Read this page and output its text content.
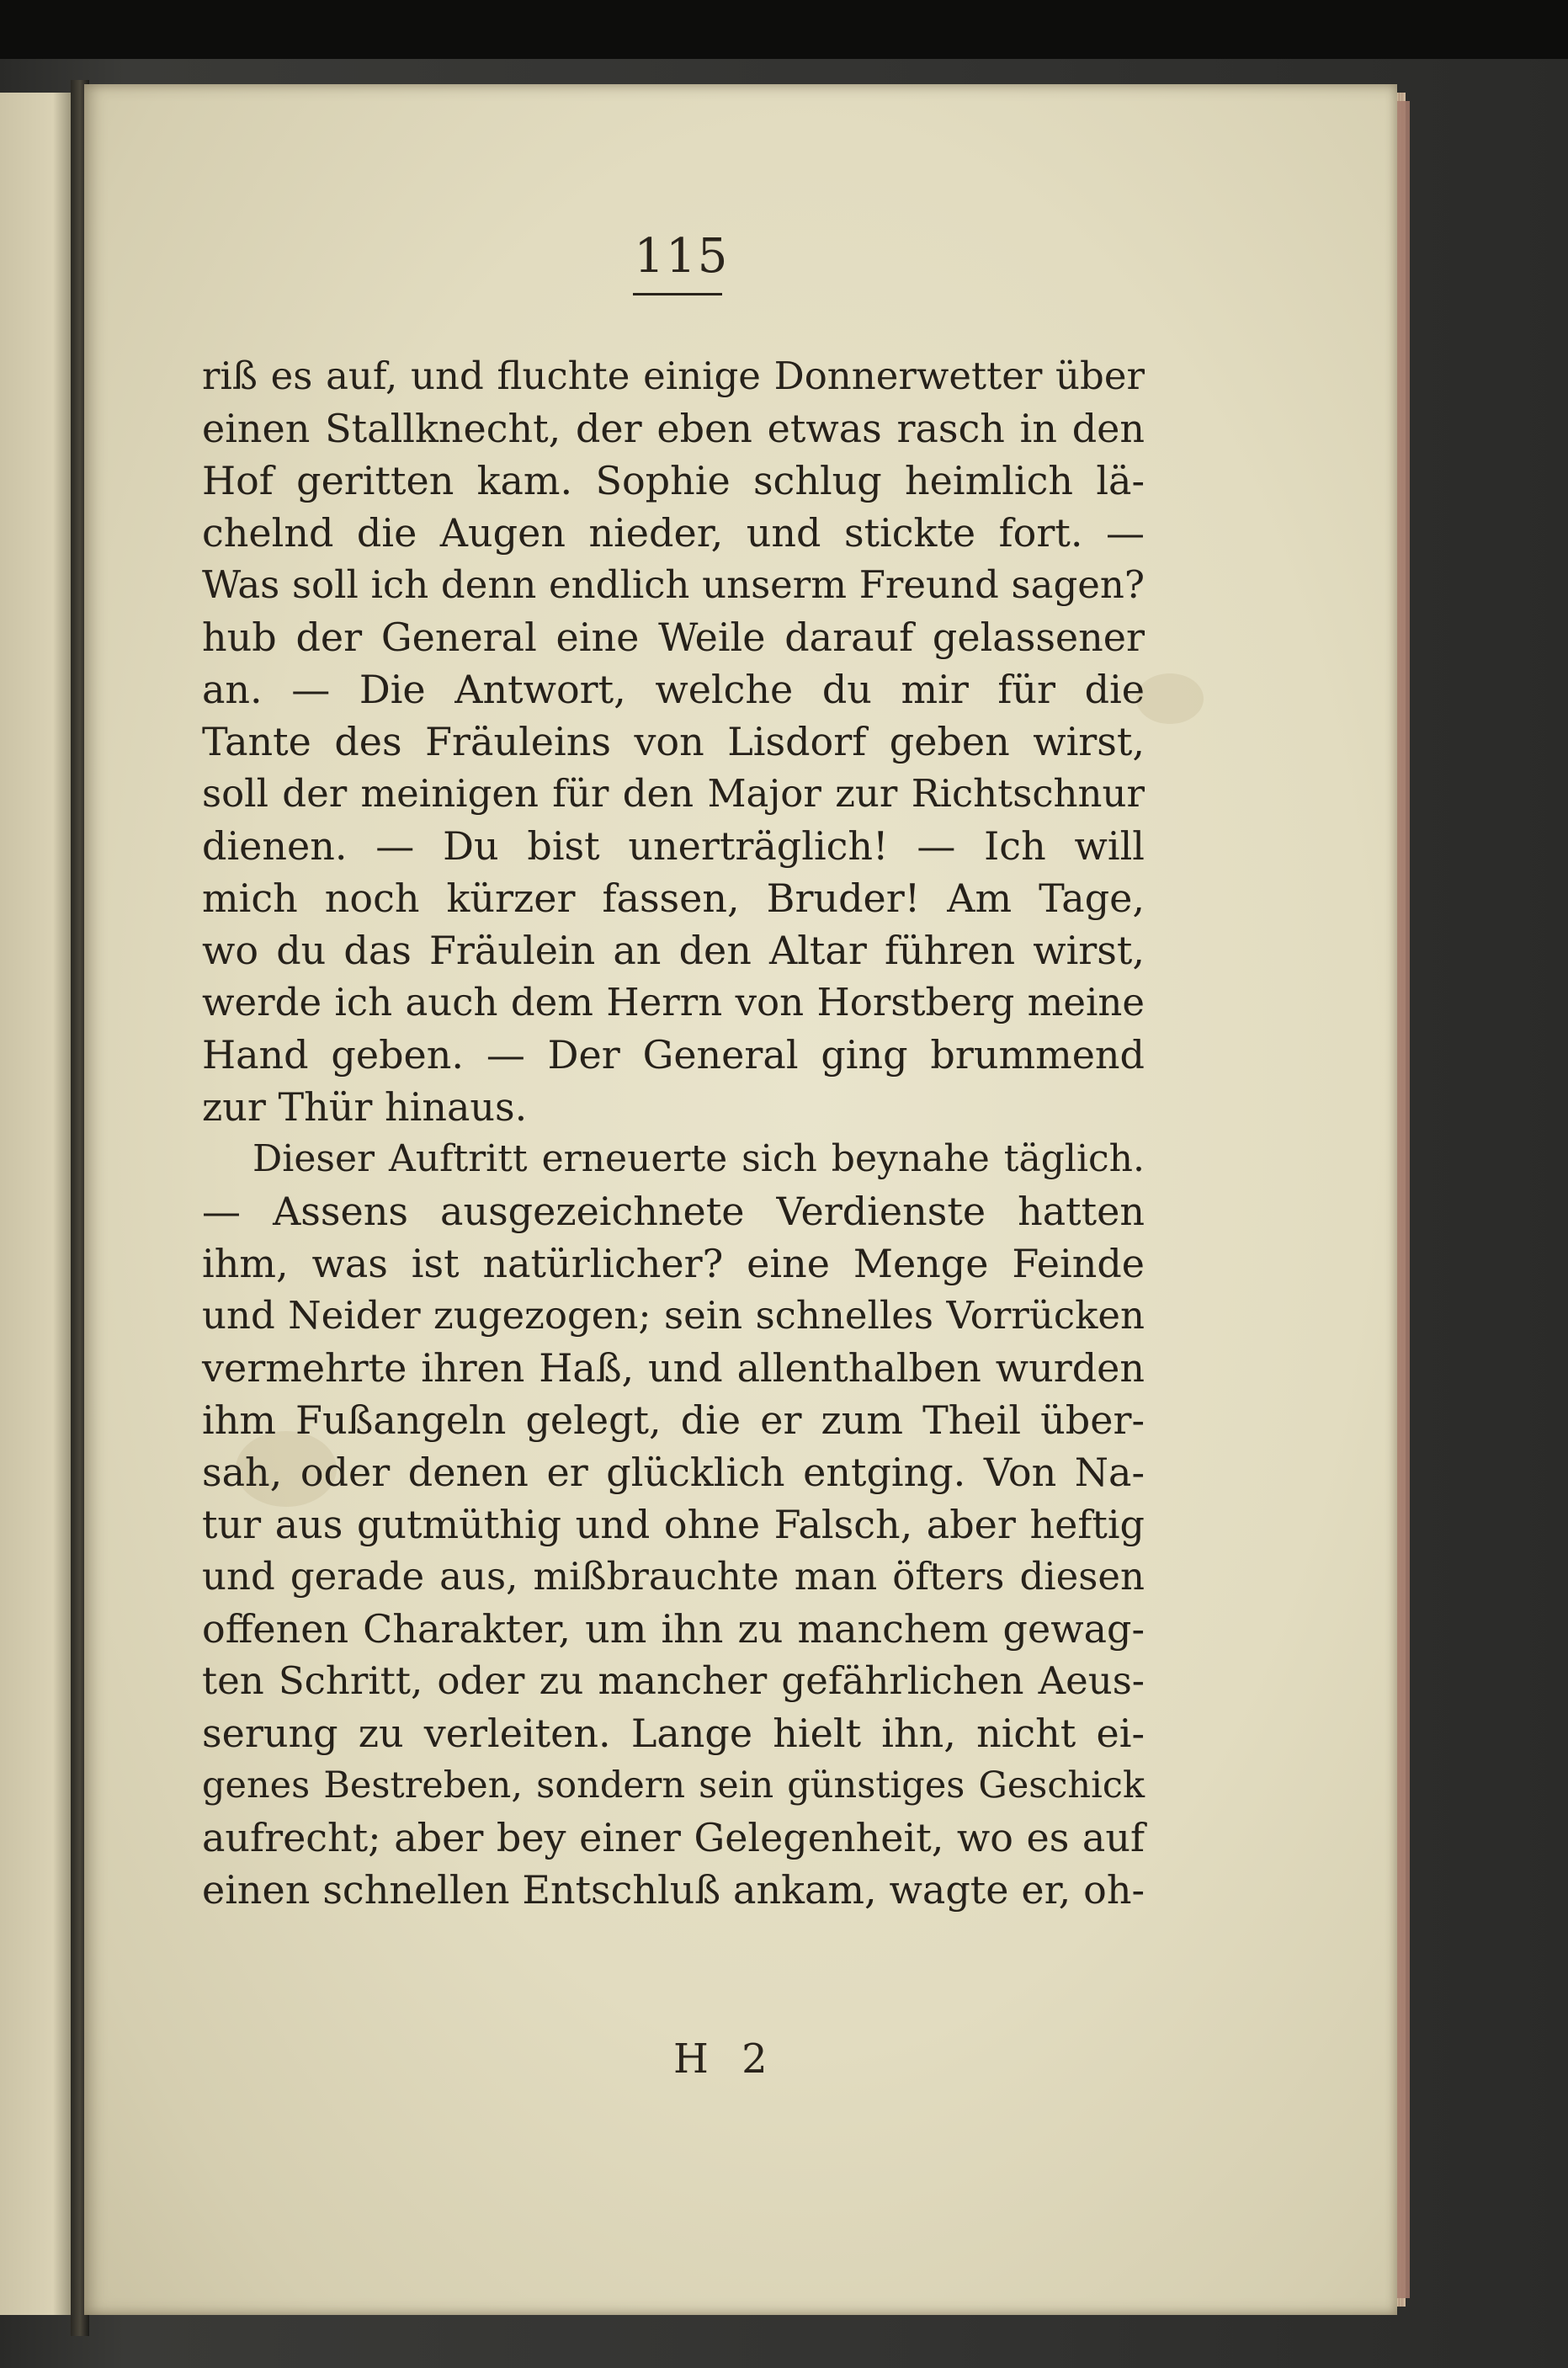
115
riß es auf, und fluchte einige Donnerwetter über
einen Stallknecht, der eben etwas rasch in den
Hof geritten kam. Sophie schlug heimlich lä-
chelnd die Augen nieder, und stickte fort. —
Was soll ich denn endlich unserm Freund sagen?
hub der General eine Weile darauf gelassener
an. — Die Antwort, welche du mir für die
Tante des Fräuleins von Lisdorf geben wirst,
soll der meinigen für den Major zur Richtschnur
dienen. — Du bist unerträglich! — Ich will
mich noch kürzer fassen, Bruder! Am Tage,
wo du das Fräulein an den Altar führen wirst,
werde ich auch dem Herrn von Horstberg meine
Hand geben. — Der General ging brummend
zur Thür hinaus.
Dieser Auftritt erneuerte sich beynahe täglich.
— Assens ausgezeichnete Verdienste hatten
ihm, was ist natürlicher? eine Menge Feinde
und Neider zugezogen; sein schnelles Vorrücken
vermehrte ihren Haß, und allenthalben wurden
ihm Fußangeln gelegt, die er zum Theil über-
sah, oder denen er glücklich entging. Von Na-
tur aus gutmüthig und ohne Falsch, aber heftig
und gerade aus, mißbrauchte man öfters diesen
offenen Charakter, um ihn zu manchem gewag-
ten Schritt, oder zu mancher gefährlichen Aeus-
serung zu verleiten. Lange hielt ihn, nicht ei-
genes Bestreben, sondern sein günstiges Geschick
aufrecht; aber bey einer Gelegenheit, wo es auf
einen schnellen Entschluß ankam, wagte er, oh-
H 2
